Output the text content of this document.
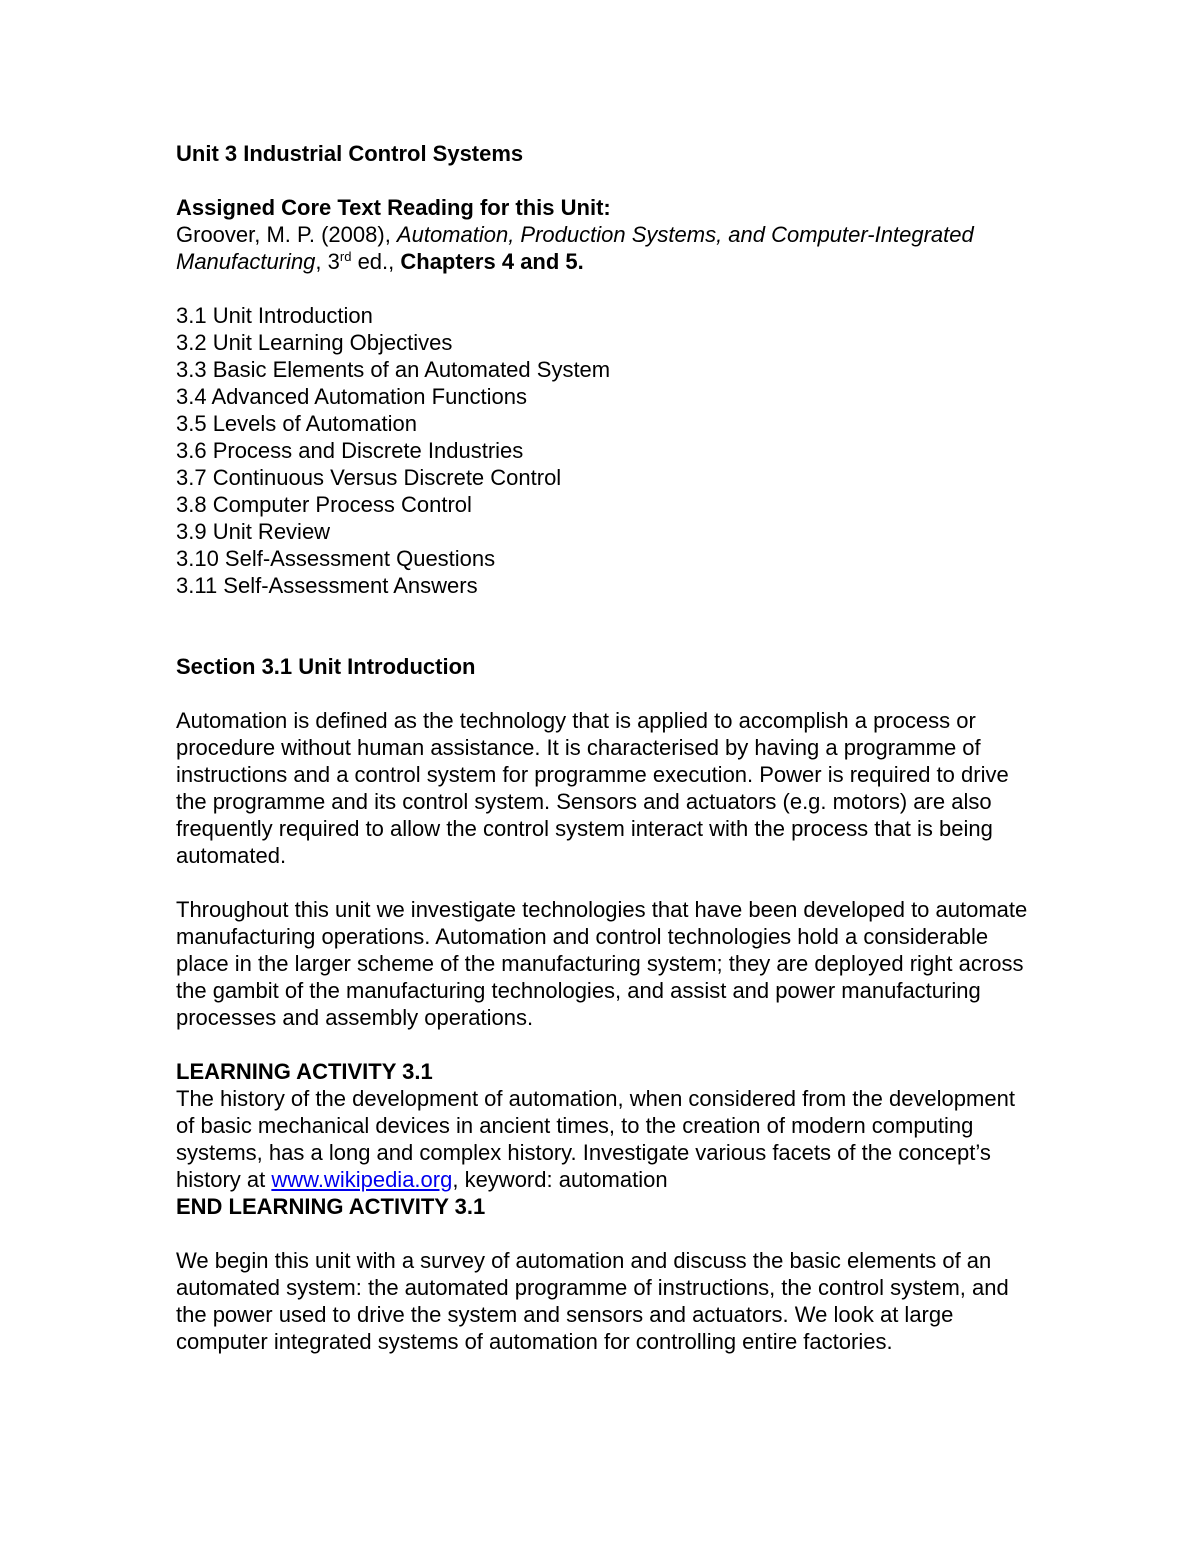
Unit 3 Industrial Control Systems

Assigned Core Text Reading for this Unit:

Groover, M. P. (2008), Automation, Production Systems, and Computer-Integrated Manufacturing, 3rd ed., Chapters 4 and 5.

3.1 Unit Introduction
3.2 Unit Learning Objectives
3.3 Basic Elements of an Automated System
3.4 Advanced Automation Functions
3.5 Levels of Automation
3.6 Process and Discrete Industries
3.7 Continuous Versus Discrete Control
3.8 Computer Process Control
3.9 Unit Review
3.10 Self-Assessment Questions
3.11 Self-Assessment Answers

Section 3.1 Unit Introduction

Automation is defined as the technology that is applied to accomplish a process or procedure without human assistance. It is characterised by having a programme of instructions and a control system for programme execution. Power is required to drive the programme and its control system. Sensors and actuators (e.g. motors) are also frequently required to allow the control system interact with the process that is being automated.

Throughout this unit we investigate technologies that have been developed to automate manufacturing operations. Automation and control technologies hold a considerable place in the larger scheme of the manufacturing system; they are deployed right across the gambit of the manufacturing technologies, and assist and power manufacturing processes and assembly operations.

LEARNING ACTIVITY 3.1

The history of the development of automation, when considered from the development of basic mechanical devices in ancient times, to the creation of modern computing systems, has a long and complex history. Investigate various facets of the concept’s history at www.wikipedia.org, keyword: automation

END LEARNING ACTIVITY 3.1

We begin this unit with a survey of automation and discuss the basic elements of an automated system: the automated programme of instructions, the control system, and the power used to drive the system and sensors and actuators. We look at large computer integrated systems of automation for controlling entire factories.
